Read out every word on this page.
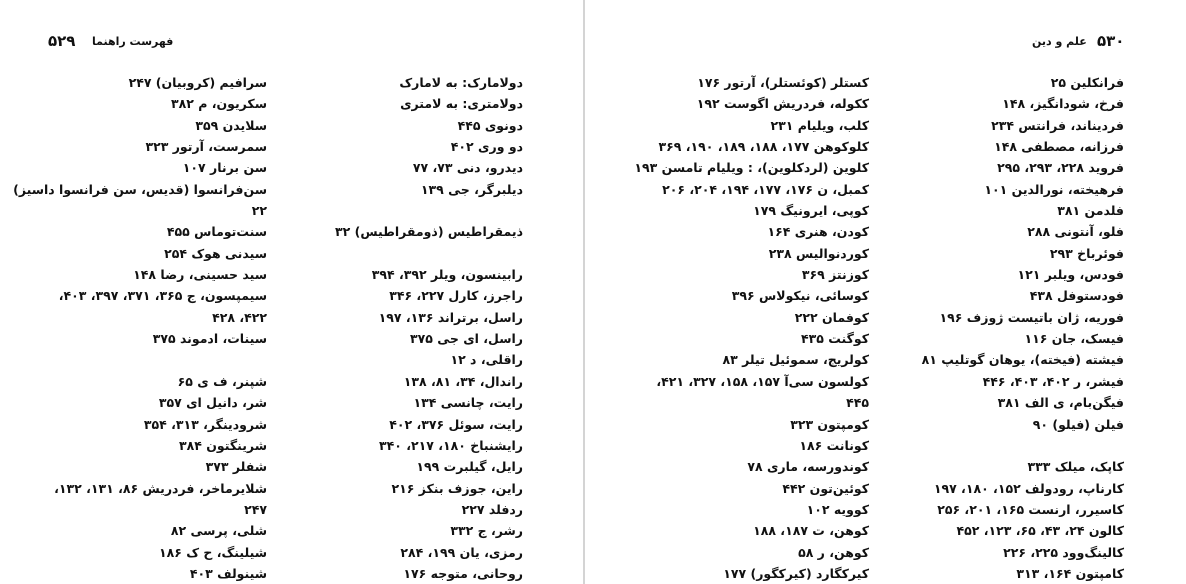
۵۲۹ فهرست راهنما
سرافیم (کروبیان) ۲۴۷
سکریون، م ۳۸۲
سلایدن ۳۵۹
سمرست، آرتور ۳۲۳
سن برنار ۱۰۷
سن‌فرانسوا (قدیس، سن فرانسوا داسیز)
۲۲
سنت‌توماس ۴۵۵
سیدنی هوک ۲۵۴
سید حسینی، رضا ۱۴۸
سیمپسون، ج ۳۶۵، ۳۷۱، ۳۹۷، ۴۰۳،
۴۲۲، ۴۲۸
سینات، ادموند ۳۷۵
شپنر، ف ی ۶۵
شر، دانیل ای ۳۵۷
شرودینگر، ۳۱۳، ۳۵۴
شرینگتون ۳۸۴
شفلر ۳۷۳
شلایرماخر، فردریش ۸۶، ۱۳۱، ۱۳۲،
۲۴۷
شلی، پرسی ۸۲
شیلینگ، ح ک ۱۸۶
شینولف ۴۰۳
دولامارک: به لامارک
دولامتری: به لامتری
دونوی ۴۴۵
دو وری ۴۰۲
دیدرو، دنی ۷۳، ۷۷
دیلبرگر، جی ۱۳۹
ذیمقراطیس (ذومقراطیس) ۳۲
رابینسون، ویلر ۳۹۲، ۳۹۴
راجرز، کارل ۲۲۷، ۳۴۶
راسل، برتراند ۱۳۶، ۱۹۷
راسل، ای جی ۳۷۵
راقلی، د ۱۲
راندال، ۳۴، ۸۱، ۱۳۸
رایت، چانسی ۱۳۴
رایت، سوئل ۳۷۶، ۴۰۲
رایشنباخ ۱۸۰، ۲۱۷، ۳۴۰
رایل، گیلبرت ۱۹۹
راین، جوزف بنکز ۲۱۶
ردفلد ۲۲۷
رشر، ج ۳۳۲
رمزی، یان ۱۹۹، ۲۸۴
روحانی، متوجه ۱۷۶
۵۳۰
علم و دین
کستلر (کوئستلر)، آرتور ۱۷۶
ککوله، فردریش اگوست ۱۹۲
کلب، ویلیام ۲۳۱
کلوکوهن ۱۷۷، ۱۸۸، ۱۸۹، ۱۹۰، ۳۶۹
کلوین (لردکلوین)، : ویلیام تامسن ۱۹۳
کمبل، ن ۱۷۶، ۱۷۷، ۱۹۴، ۲۰۴، ۲۰۶
کوپی، ایرونیگ ۱۷۹
کودن، هنری ۱۶۴
کوردنوالیس ۲۳۸
کوزنتز ۳۶۹
کوسائی، نیکولاس ۳۹۶
کوفمان ۲۲۲
کوگنت ۴۳۵
کولریج، سموئیل تیلر ۸۳
کولسون سی‌آ ۱۵۷، ۱۵۸، ۳۲۷، ۴۲۱،
۴۴۵
کومپتون ۳۲۳
کونانت ۱۸۶
کوندورسه، ماری ۷۸
کوئین‌تون ۴۴۲
کوویه ۱۰۲
کوهن، ت ۱۸۷، ۱۸۸
کوهن، ر ۵۸
کیرکگارد (کیرکگور) ۱۷۷
فرانکلین ۲۵
فرخ، شودانگیز، ۱۴۸
فردیناند، فرانتس ۲۳۴
فرزانه، مصطفی ۱۴۸
فروید ۲۲۸، ۲۹۳، ۲۹۵
فرهیخته، نورالدین ۱۰۱
فلدمن ۳۸۱
فلو، آنتونی ۲۸۸
فوئرباخ ۲۹۳
فودس، ویلبر ۱۲۱
فودستوفل ۴۳۸
فوریه، ژان باتیست ژوزف ۱۹۶
فیسک، جان ۱۱۶
فیشته (فیخته)، یوهان گوتلیپ ۸۱
فیشر، ر ۴۰۲، ۴۰۳، ۴۴۶
فیگن‌بام، ی الف ۳۸۱
فیلن (فیلو) ۹۰
کاپک، میلک ۳۳۳
کارناپ، رودولف ۱۵۲، ۱۸۰، ۱۹۷
کاسیرر، ارنست ۱۶۵، ۲۰۱، ۲۵۶
کالون ۲۴، ۴۳، ۶۵، ۱۲۳، ۴۵۲
کالینگ‌وود ۲۲۵، ۲۲۶
کامپتون ۱۶۴، ۳۱۳
